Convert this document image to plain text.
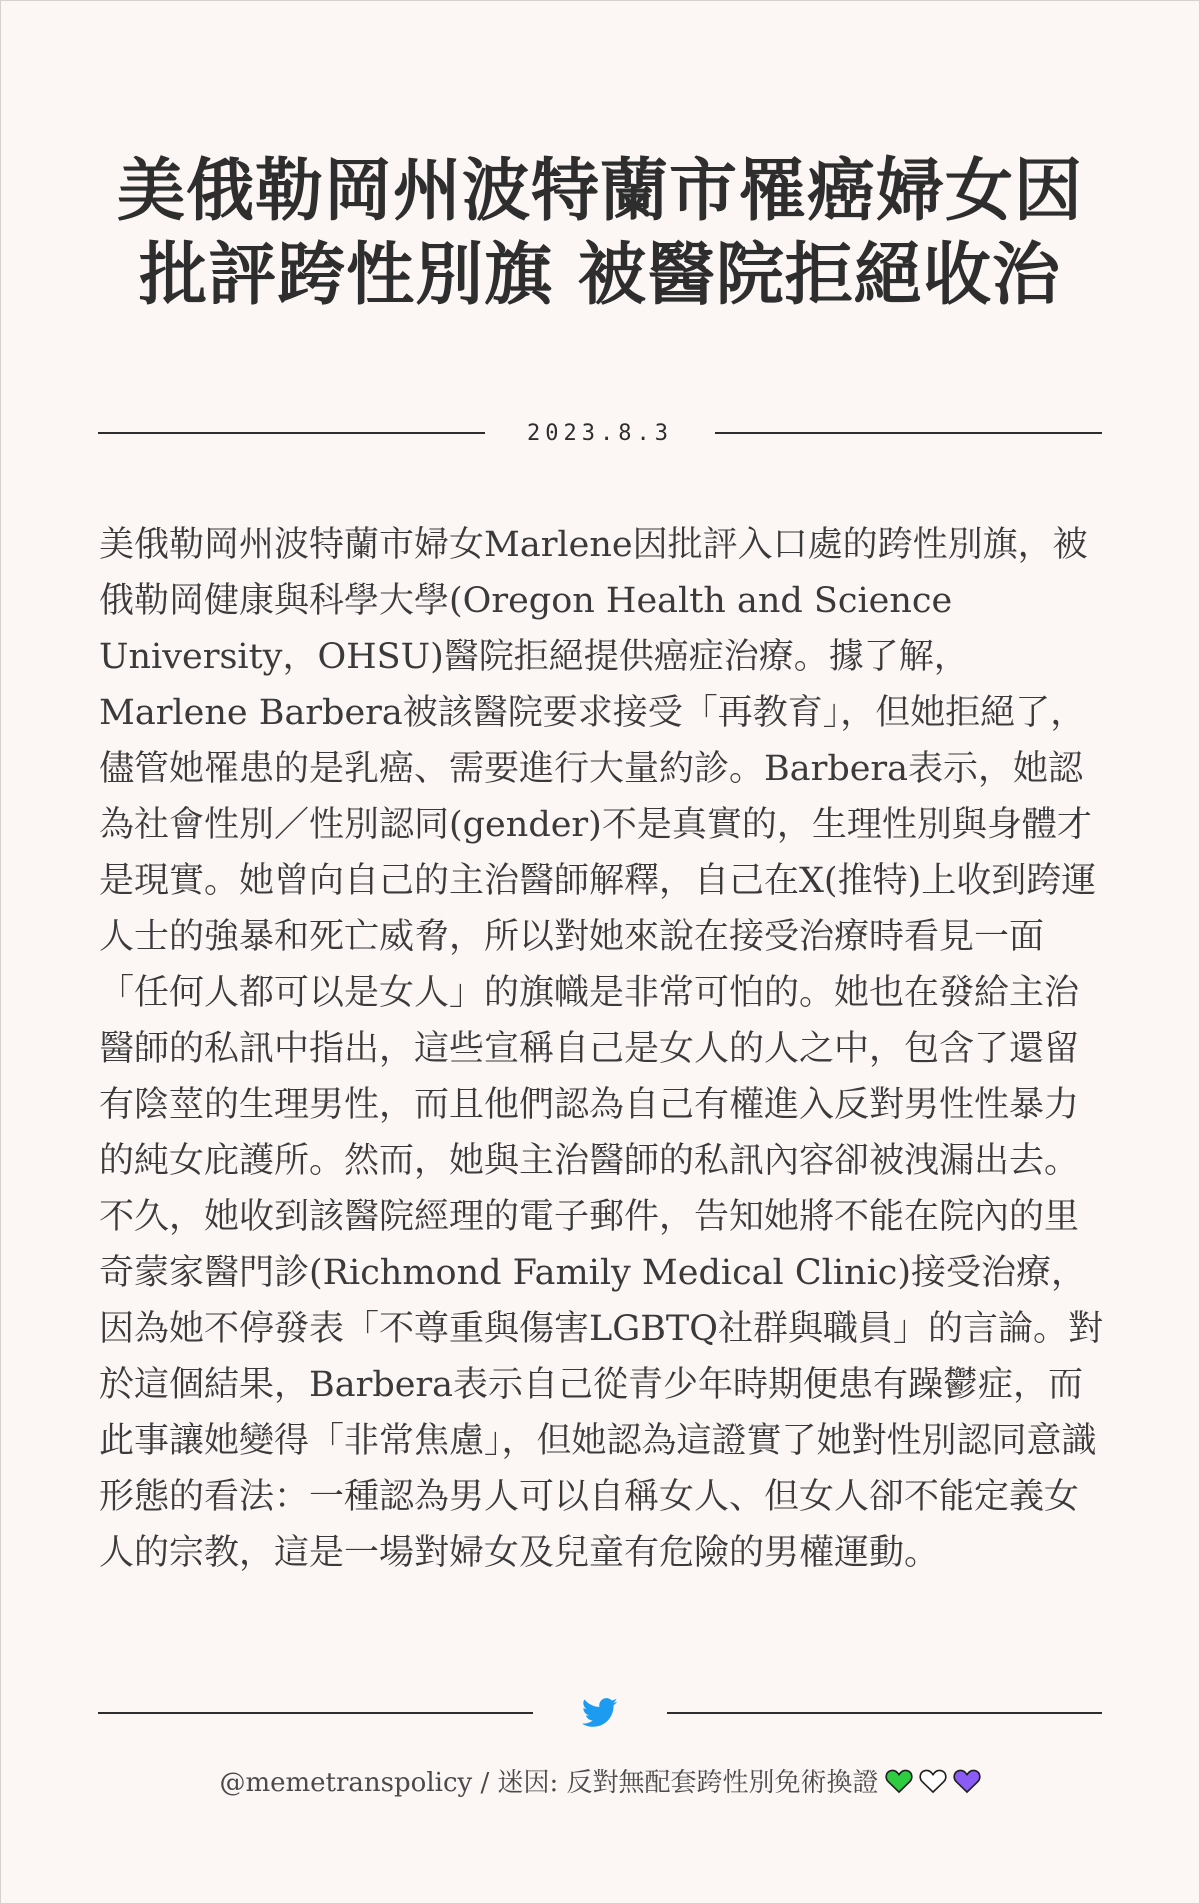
美俄勒岡州波特蘭市罹癌婦女因批評跨性別旗 被醫院拒絕收治
2023.8.3

美俄勒岡州波特蘭市婦女Marlene因批評入口處的跨性別旗，被俄勒岡健康與科學大學(Oregon Health and Science University，OHSU)醫院拒絕提供癌症治療。據了解，Marlene Barbera被該醫院要求接受「再教育」，但她拒絕了，儘管她罹患的是乳癌、需要進行大量約診。Barbera表示，她認為社會性別／性別認同(gender)不是真實的，生理性別與身體才是現實。她曾向自己的主治醫師解釋，自己在X(推特)上收到跨運人士的強暴和死亡威脅，所以對她來說在接受治療時看見一面「任何人都可以是女人」的旗幟是非常可怕的。她也在發給主治醫師的私訊中指出，這些宣稱自己是女人的人之中，包含了還留有陰莖的生理男性，而且他們認為自己有權進入反對男性性暴力的純女庇護所。然而，她與主治醫師的私訊內容卻被洩漏出去。不久，她收到該醫院經理的電子郵件，告知她將不能在院內的里奇蒙家醫門診(Richmond Family Medical Clinic)接受治療，因為她不停發表「不尊重與傷害LGBTQ社群與職員」的言論。對於這個結果，Barbera表示自己從青少年時期便患有躁鬱症，而此事讓她變得「非常焦慮」，但她認為這證實了她對性別認同意識形態的看法：一種認為男人可以自稱女人、但女人卻不能定義女人的宗教，這是一場對婦女及兒童有危險的男權運動。

@memetranspolicy / 迷因: 反對無配套跨性別免術換證
